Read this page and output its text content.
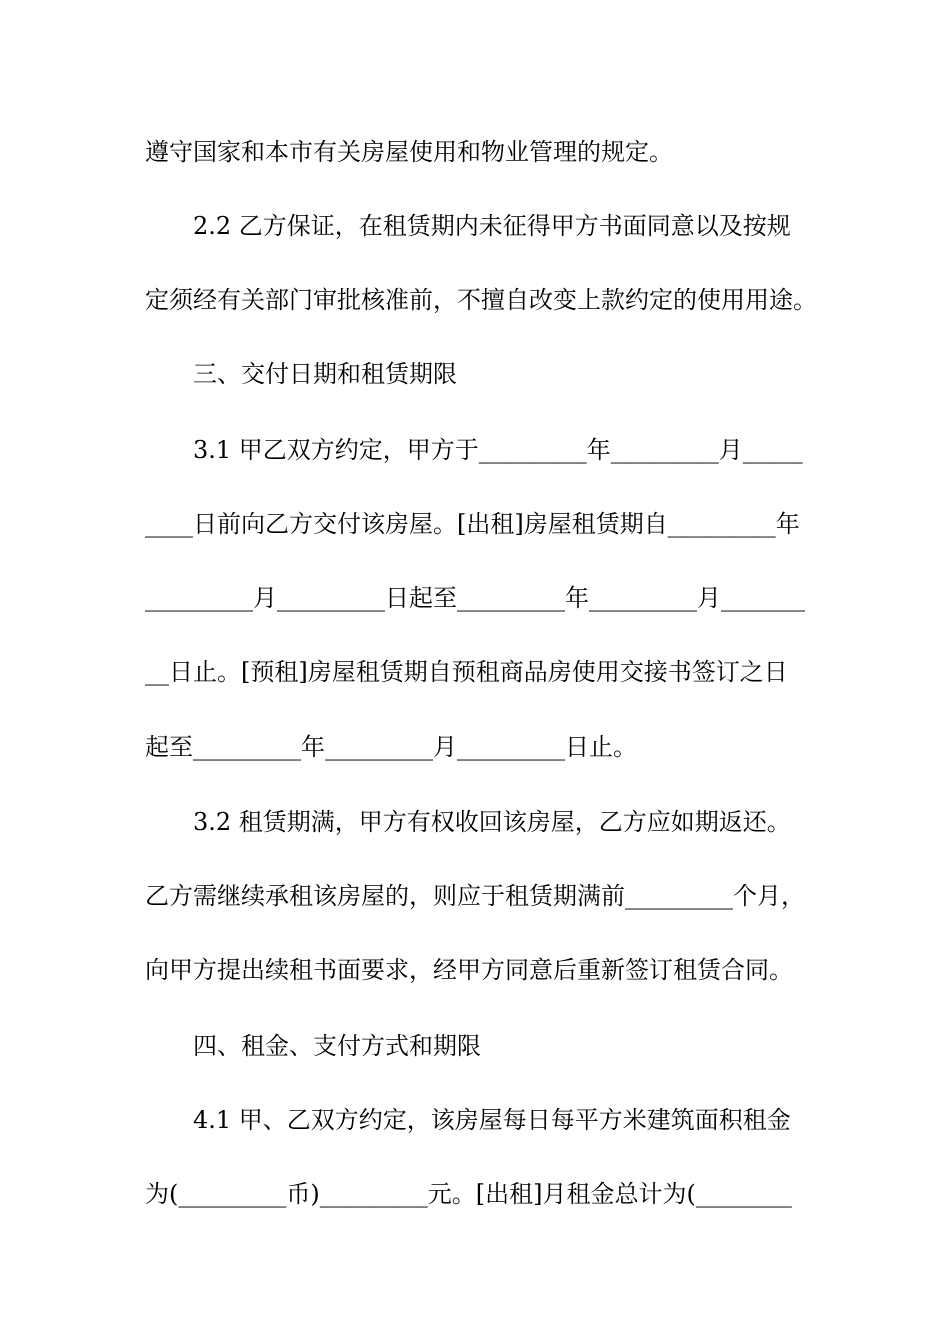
遵守国家和本市有关房屋使用和物业管理的规定。
2.2 乙方保证，在租赁期内未征得甲方书面同意以及按规
定须经有关部门审批核准前，不擅自改变上款约定的使用用途。
三、交付日期和租赁期限
3.1 甲乙双方约定，甲方于_________年_________月_____
____日前向乙方交付该房屋。[出租]房屋租赁期自_________年
_________月_________日起至_________年_________月_______
__日止。[预租]房屋租赁期自预租商品房使用交接书签订之日
起至_________年_________月_________日止。
3.2 租赁期满，甲方有权收回该房屋，乙方应如期返还。
乙方需继续承租该房屋的，则应于租赁期满前_________个月，
向甲方提出续租书面要求，经甲方同意后重新签订租赁合同。
四、租金、支付方式和期限
4.1 甲、乙双方约定，该房屋每日每平方米建筑面积租金
为(_________币)_________元。[出租]月租金总计为(________
